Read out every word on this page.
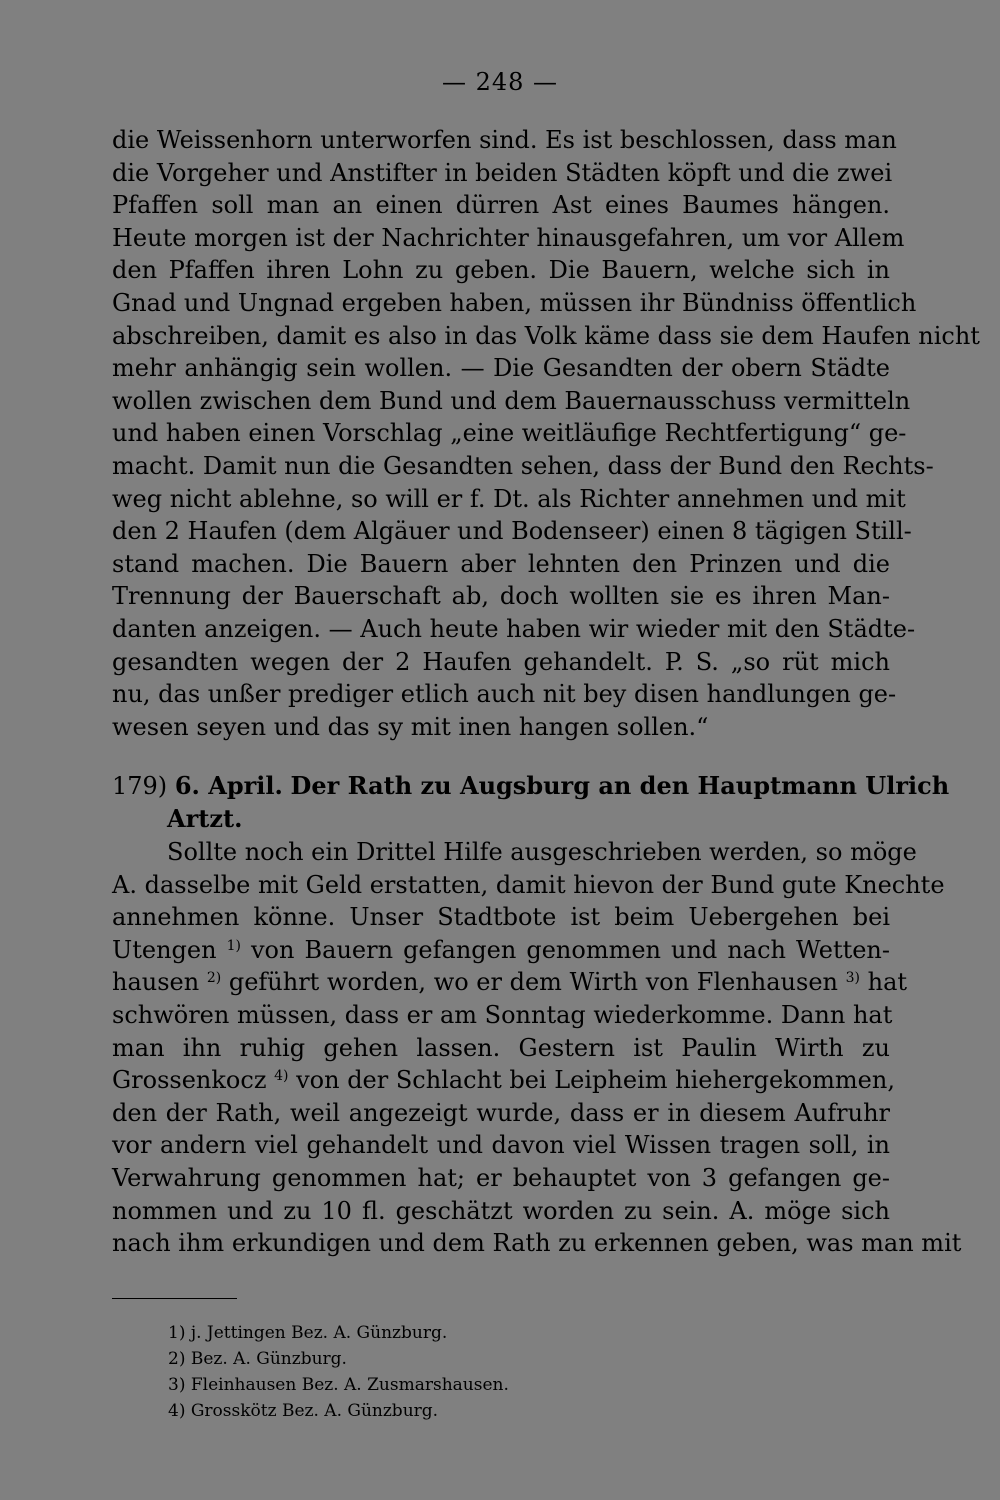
— 248 —
die Weissenhorn unterworfen sind. Es ist beschlossen, dass man
die Vorgeher und Anstifter in beiden Städten köpft und die zwei
Pfaffen soll man an einen dürren Ast eines Baumes hängen.
Heute morgen ist der Nachrichter hinausgefahren, um vor Allem
den Pfaffen ihren Lohn zu geben. Die Bauern, welche sich in
Gnad und Ungnad ergeben haben, müssen ihr Bündniss öffentlich
abschreiben, damit es also in das Volk käme dass sie dem Haufen nicht
mehr anhängig sein wollen. — Die Gesandten der obern Städte
wollen zwischen dem Bund und dem Bauernausschuss vermitteln
und haben einen Vorschlag „eine weitläufige Rechtfertigung“ ge-
macht. Damit nun die Gesandten sehen, dass der Bund den Rechts-
weg nicht ablehne, so will er f. Dt. als Richter annehmen und mit
den 2 Haufen (dem Algäuer und Bodenseer) einen 8 tägigen Still-
stand machen. Die Bauern aber lehnten den Prinzen und die
Trennung der Bauerschaft ab, doch wollten sie es ihren Man-
danten anzeigen. — Auch heute haben wir wieder mit den Städte-
gesandten wegen der 2 Haufen gehandelt. P. S. „so rüt mich
nu, das unßer prediger etlich auch nit bey disen handlungen ge-
wesen seyen und das sy mit inen hangen sollen.“
179) 6. April. Der Rath zu Augsburg an den Hauptmann Ulrich
Artzt.
Sollte noch ein Drittel Hilfe ausgeschrieben werden, so möge
A. dasselbe mit Geld erstatten, damit hievon der Bund gute Knechte
annehmen könne. Unser Stadtbote ist beim Uebergehen bei
Utengen $^{1)}$ von Bauern gefangen genommen und nach Wetten-
hausen $^{2)}$ geführt worden, wo er dem Wirth von Flenhausen $^{3)}$ hat
schwören müssen, dass er am Sonntag wiederkomme. Dann hat
man ihn ruhig gehen lassen. Gestern ist Paulin Wirth zu
Grossenkocz $^{4)}$ von der Schlacht bei Leipheim hiehergekommen,
den der Rath, weil angezeigt wurde, dass er in diesem Aufruhr
vor andern viel gehandelt und davon viel Wissen tragen soll, in
Verwahrung genommen hat; er behauptet von 3 gefangen ge-
nommen und zu 10 fl. geschätzt worden zu sein. A. möge sich
nach ihm erkundigen und dem Rath zu erkennen geben, was man mit
1) j. Jettingen Bez. A. Günzburg.
2) Bez. A. Günzburg.
3) Fleinhausen Bez. A. Zusmarshausen.
4) Grosskötz Bez. A. Günzburg.
